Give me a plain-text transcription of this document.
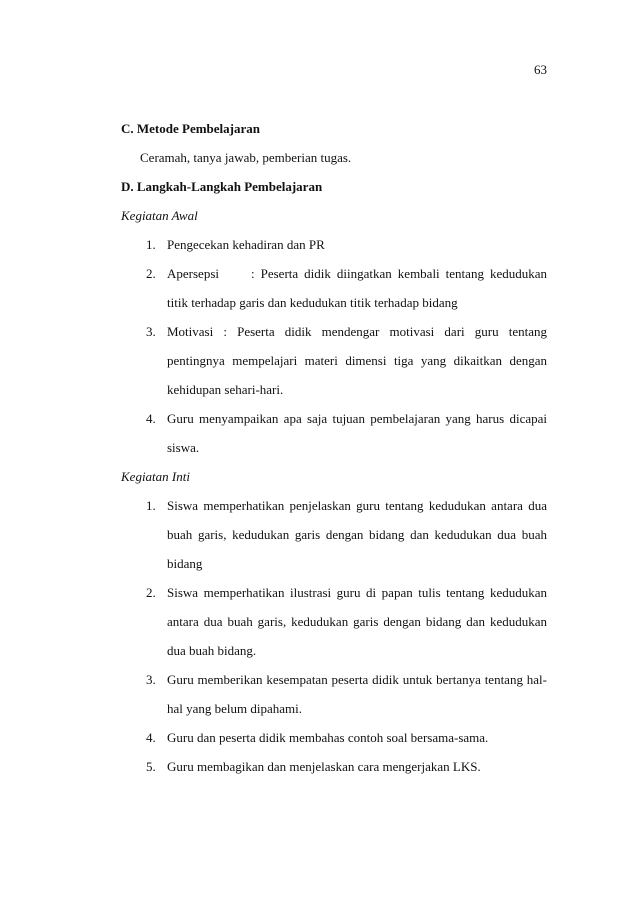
63

C. Metode Pembelajaran

Ceramah, tanya jawab, pemberian tugas.

D. Langkah-Langkah Pembelajaran

Kegiatan Awal

1. Pengecekan kehadiran dan PR
2. Apersepsi : Peserta didik diingatkan kembali tentang kedudukan titik terhadap garis dan kedudukan titik terhadap bidang
3. Motivasi : Peserta didik mendengar motivasi dari guru tentang pentingnya mempelajari materi dimensi tiga yang dikaitkan dengan kehidupan sehari-hari.
4. Guru menyampaikan apa saja tujuan pembelajaran yang harus dicapai siswa.

Kegiatan Inti

1. Siswa memperhatikan penjelaskan guru tentang kedudukan antara dua buah garis, kedudukan garis dengan bidang dan kedudukan dua buah bidang
2. Siswa memperhatikan ilustrasi guru di papan tulis tentang kedudukan antara dua buah garis, kedudukan garis dengan bidang dan kedudukan dua buah bidang.
3. Guru memberikan kesempatan peserta didik untuk bertanya tentang hal-hal yang belum dipahami.
4. Guru dan peserta didik membahas contoh soal bersama-sama.
5. Guru membagikan dan menjelaskan cara mengerjakan LKS.
